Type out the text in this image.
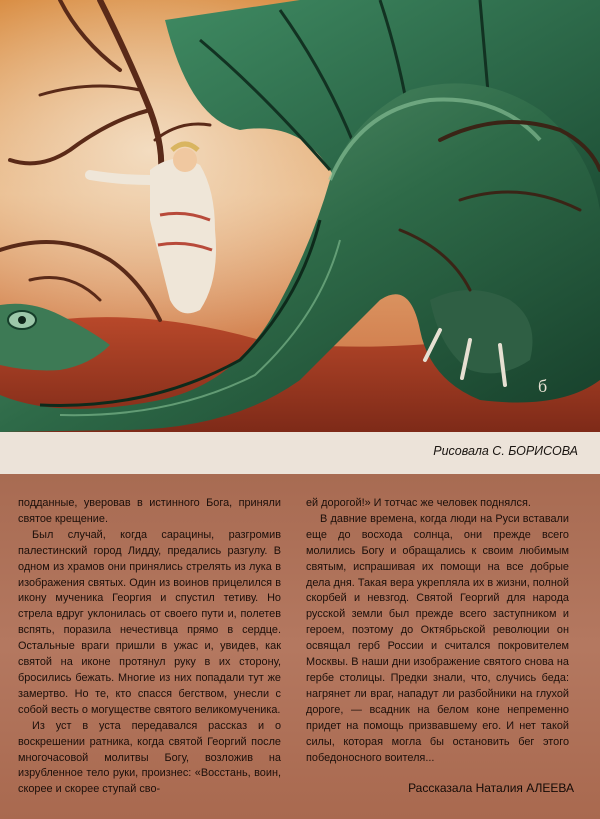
б
Рисовала С. БОРИСОВА

подданные, уверовав в истинного Бога, приняли святое крещение.

Был случай, когда сарацины, разгромив палестинский город Лидду, предались разгулу. В одном из храмов они принялись стрелять из лука в изображения святых. Один из воинов прицелился в икону мученика Георгия и спустил тетиву. Но стрела вдруг уклонилась от своего пути и, полетев вспять, поразила нечестивца прямо в сердце. Остальные враги пришли в ужас и, увидев, как святой на иконе протянул руку в их сторону, бросились бежать. Многие из них попадали тут же замертво. Но те, кто спасся бегством, унесли с собой весть о могуществе святого великомученика.

Из уст в уста передавался рассказ и о воскрешении ратника, когда святой Георгий после многочасовой молитвы Богу, возложив на изрубленное тело руки, произнес: «Восстань, воин, скорее и скорее ступай сво-

ей дорогой!» И тотчас же человек поднялся.

В давние времена, когда люди на Руси вставали еще до восхода солнца, они прежде всего молились Богу и обращались к своим любимым святым, испрашивая их помощи на все добрые дела дня. Такая вера укрепляла их в жизни, полной скорбей и невзгод. Святой Георгий для народа русской земли был прежде всего заступником и героем, поэтому до Октябрьской революции он освящал герб России и считался покровителем Москвы. В наши дни изображение святого снова на гербе столицы. Предки знали, что, случись беда: нагрянет ли враг, нападут ли разбойники на глухой дороге, — всадник на белом коне непременно придет на помощь призвавшему его. И нет такой силы, которая могла бы остановить бег этого победоносного воителя...

Рассказала Наталия АЛЕЕВА
